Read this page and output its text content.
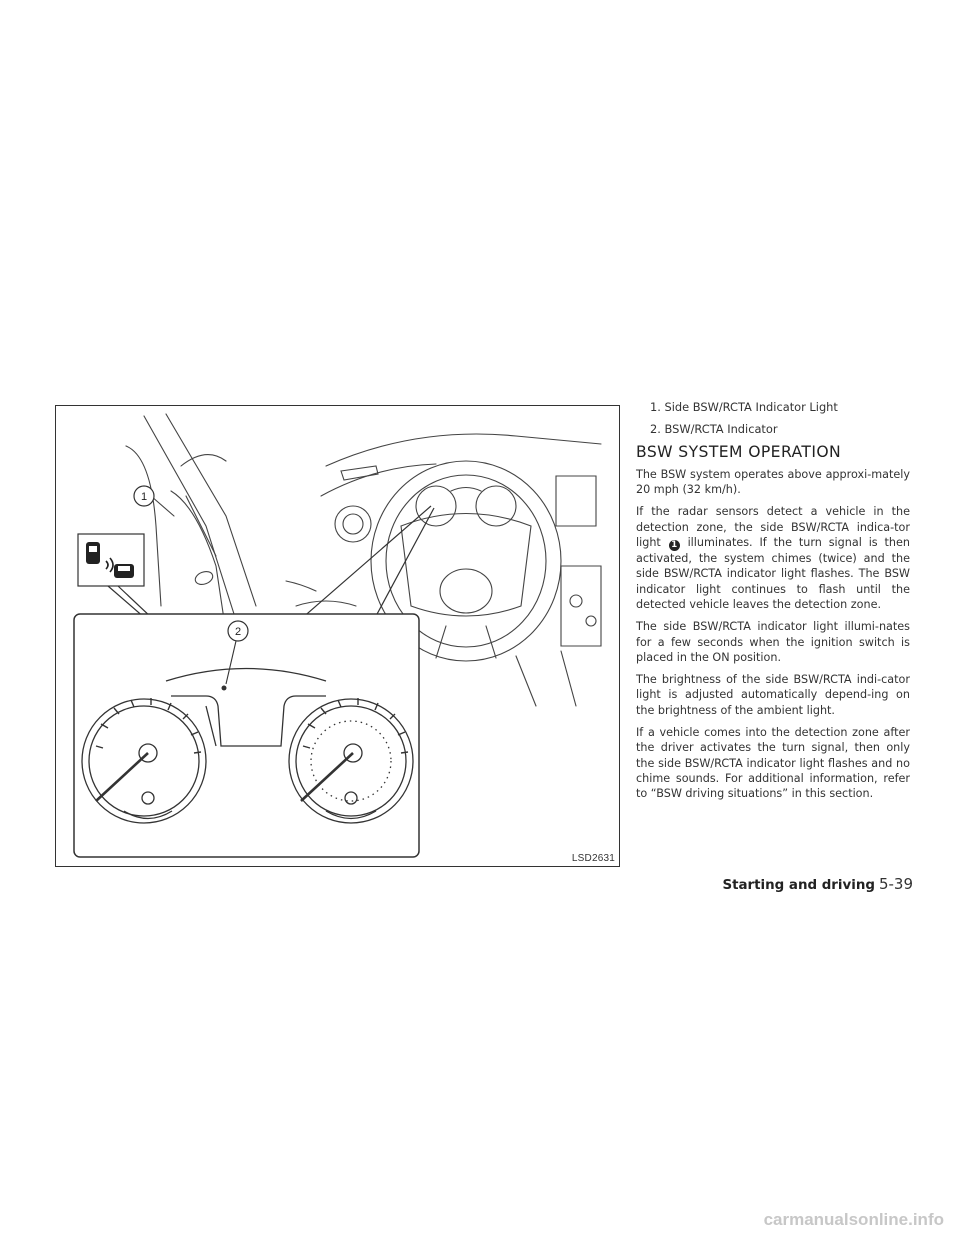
1
2
LSD2631
1. Side BSW/RCTA Indicator Light
2. BSW/RCTA Indicator
BSW SYSTEM OPERATION

The BSW system operates above approxi-mately 20 mph (32 km/h).

If the radar sensors detect a vehicle in the detection zone, the side BSW/RCTA indica-tor light 1 illuminates. If the turn signal is then activated, the system chimes (twice) and the side BSW/RCTA indicator light flashes. The BSW indicator light continues to flash until the detected vehicle leaves the detection zone.

The side BSW/RCTA indicator light illumi-nates for a few seconds when the ignition switch is placed in the ON position.

The brightness of the side BSW/RCTA indi-cator light is adjusted automatically depend-ing on the brightness of the ambient light.

If a vehicle comes into the detection zone after the driver activates the turn signal, then only the side BSW/RCTA indicator light flashes and no chime sounds. For additional information, refer to “BSW driving situations” in this section.

Starting and driving 5-39
carmanualsonline.info
